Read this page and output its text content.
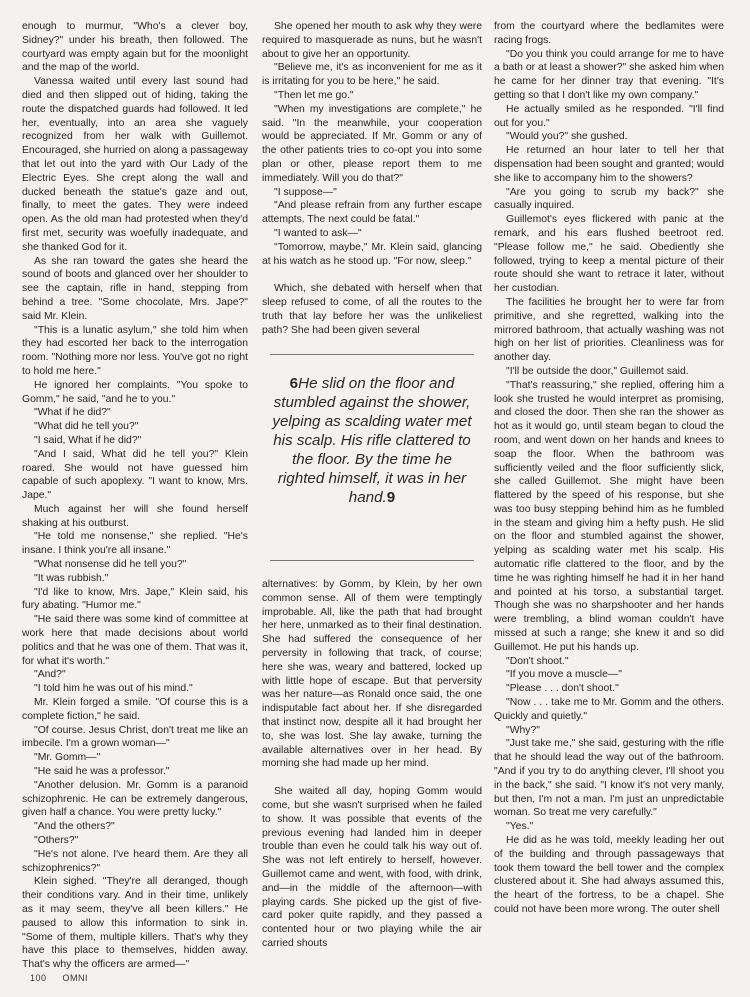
enough to murmur, "Who's a clever boy, Sidney?" under his breath, then followed. The courtyard was empty again but for the moonlight and the map of the world.

Vanessa waited until every last sound had died and then slipped out of hiding, taking the route the dispatched guards had followed. It led her, eventually, into an area she vaguely recognized from her walk with Guillemot. Encouraged, she hurried on along a passageway that let out into the yard with Our Lady of the Electric Eyes. She crept along the wall and ducked beneath the statue's gaze and out, finally, to meet the gates. They were indeed open. As the old man had protested when they'd first met, security was woefully inadequate, and she thanked God for it.

As she ran toward the gates she heard the sound of boots and glanced over her shoulder to see the captain, rifle in hand, stepping from behind a tree. "Some chocolate, Mrs. Jape?" said Mr. Klein.

"This is a lunatic asylum," she told him when they had escorted her back to the interrogation room. "Nothing more nor less. You've got no right to hold me here."

He ignored her complaints. "You spoke to Gomm," he said, "and he to you."

"What if he did?"

"What did he tell you?"

"I said, What if he did?"

"And I said, What did he tell you?" Klein roared. She would not have guessed him capable of such apoplexy. "I want to know, Mrs. Jape."

Much against her will she found herself shaking at his outburst.

"He told me nonsense," she replied. "He's insane. I think you're all insane."

"What nonsense did he tell you?"

"It was rubbish."

"I'd like to know, Mrs. Jape," Klein said, his fury abating. "Humor me."

"He said there was some kind of committee at work here that made decisions about world politics and that he was one of them. That was it, for what it's worth."

"And?"

"I told him he was out of his mind."

Mr. Klein forged a smile. "Of course this is a complete fiction," he said.

"Of course. Jesus Christ, don't treat me like an imbecile. I'm a grown woman—"

"Mr. Gomm—"

"He said he was a professor."

"Another delusion. Mr. Gomm is a paranoid schizophrenic. He can be extremely dangerous, given half a chance. You were pretty lucky."

"And the others?"

"Others?"

"He's not alone. I've heard them. Are they all schizophrenics?"

Klein sighed. "They're all deranged, though their conditions vary. And in their time, unlikely as it may seem, they've all been killers." He paused to allow this information to sink in. "Some of them, multiple killers. That's why they have this place to themselves, hidden away. That's why the officers are armed—"

She opened her mouth to ask why they were required to masquerade as nuns, but he wasn't about to give her an opportunity.

"Believe me, it's as inconvenient for me as it is irritating for you to be here," he said.

"Then let me go."

"When my investigations are complete," he said. "In the meanwhile, your cooperation would be appreciated. If Mr. Gomm or any of the other patients tries to co-opt you into some plan or other, please report them to me immediately. Will you do that?"

"I suppose—"

"And please refrain from any further escape attempts. The next could be fatal."

"I wanted to ask—"

"Tomorrow, maybe," Mr. Klein said, glancing at his watch as he stood up. "For now, sleep."

Which, she debated with herself when that sleep refused to come, of all the routes to the truth that lay before her was the unlikeliest path? She had been given several

6He slid on the floor and stumbled against the shower, yelping as scalding water met his scalp. His rifle clattered to the floor. By the time he righted himself, it was in her hand.9

alternatives: by Gomm, by Klein, by her own common sense. All of them were temptingly improbable. All, like the path that had brought her here, unmarked as to their final destination. She had suffered the consequence of her perversity in following that track, of course; here she was, weary and battered, locked up with little hope of escape. But that perversity was her nature—as Ronald once said, the one indisputable fact about her. If she disregarded that instinct now, despite all it had brought her to, she was lost. She lay awake, turning the available alternatives over in her head. By morning she had made up her mind.

She waited all day, hoping Gomm would come, but she wasn't surprised when he failed to show. It was possible that events of the previous evening had landed him in deeper trouble than even he could talk his way out of. She was not left entirely to herself, however. Guillemot came and went, with food, with drink, and—in the middle of the afternoon—with playing cards. She picked up the gist of five-card poker quite rapidly, and they passed a contented hour or two playing while the air carried shouts

from the courtyard where the bedlamites were racing frogs.

"Do you think you could arrange for me to have a bath or at least a shower?" she asked him when he came for her dinner tray that evening. "It's getting so that I don't like my own company."

He actually smiled as he responded. "I'll find out for you."

"Would you?" she gushed.

He returned an hour later to tell her that dispensation had been sought and granted; would she like to accompany him to the showers?

"Are you going to scrub my back?" she casually inquired.

Guillemot's eyes flickered with panic at the remark, and his ears flushed beetroot red. "Please follow me," he said. Obediently she followed, trying to keep a mental picture of their route should she want to retrace it later, without her custodian.

The facilities he brought her to were far from primitive, and she regretted, walking into the mirrored bathroom, that actually washing was not high on her list of priorities. Cleanliness was for another day.

"I'll be outside the door," Guillemot said.

"That's reassuring," she replied, offering him a look she trusted he would interpret as promising, and closed the door. Then she ran the shower as hot as it would go, until steam began to cloud the room, and went down on her hands and knees to soap the floor. When the bathroom was sufficiently veiled and the floor sufficiently slick, she called Guillemot. She might have been flattered by the speed of his response, but she was too busy stepping behind him as he fumbled in the steam and giving him a hefty push. He slid on the floor and stumbled against the shower, yelping as scalding water met his scalp. His automatic rifle clattered to the floor, and by the time he was righting himself he had it in her hand and pointed at his torso, a substantial target. Though she was no sharpshooter and her hands were trembling, a blind woman couldn't have missed at such a range; she knew it and so did Guillemot. He put his hands up.

"Don't shoot."

"If you move a muscle—"

"Please . . . don't shoot."

"Now . . . take me to Mr. Gomm and the others. Quickly and quietly."

"Why?"

"Just take me," she said, gesturing with the rifle that he should lead the way out of the bathroom. "And if you try to do anything clever, I'll shoot you in the back," she said. "I know it's not very manly, but then, I'm not a man. I'm just an unpredictable woman. So treat me very carefully."

"Yes."

He did as he was told, meekly leading her out of the building and through passageways that took them toward the bell tower and the complex clustered about it. She had always assumed this, the heart of the fortress, to be a chapel. She could not have been more wrong. The outer shell

100 OMNI
